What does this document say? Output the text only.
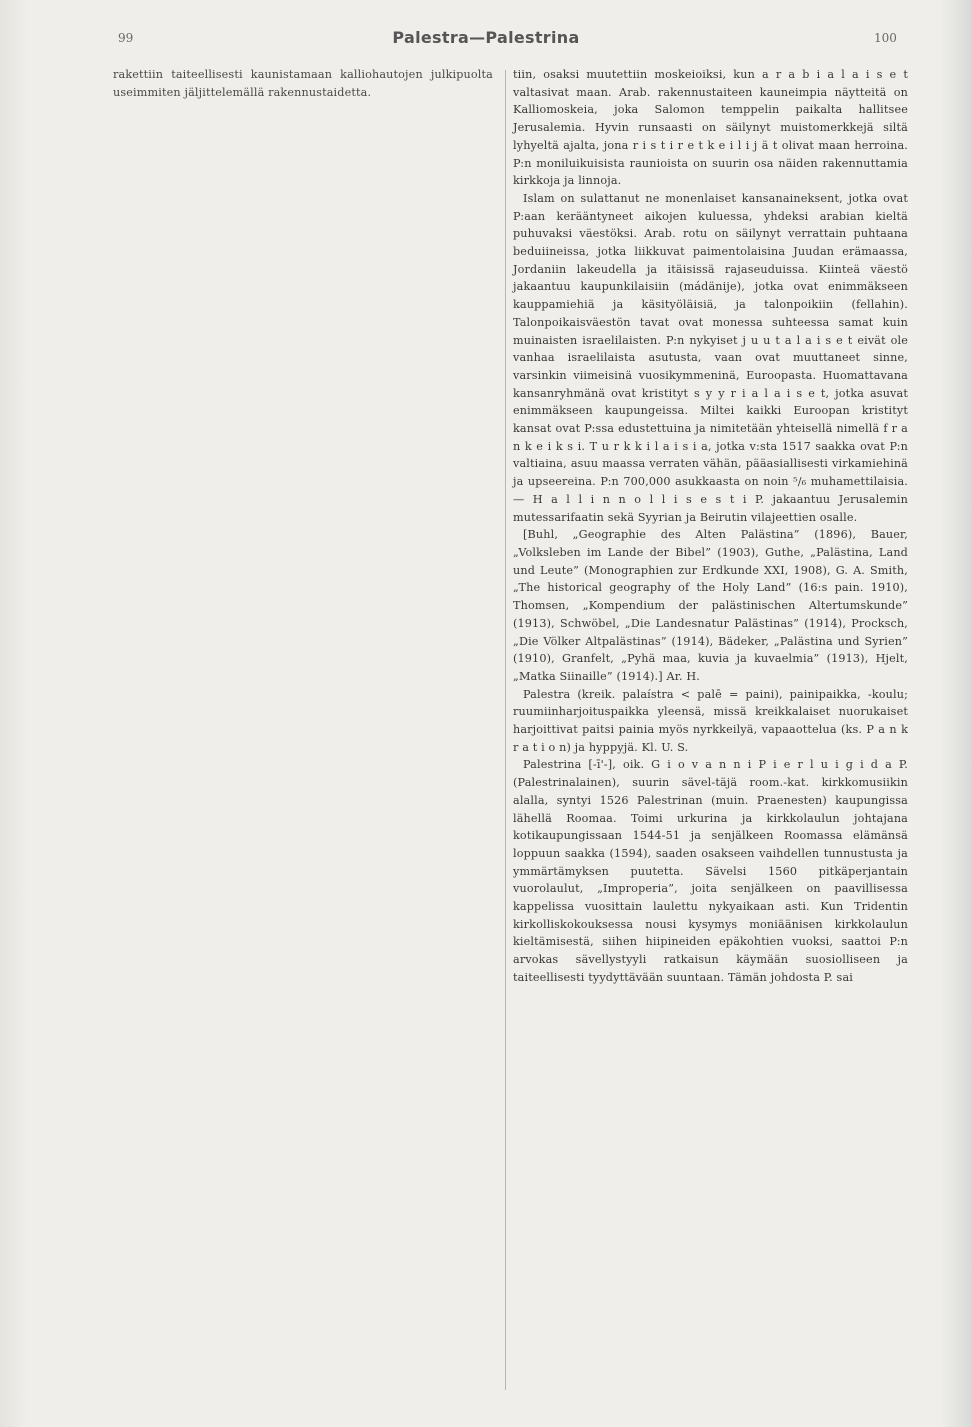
99	Palestra—Palestrina	100

rakettiin taiteellisesti kaunistamaan kalliohautojen julkipuolta useimmiten jäljittelemällä rakennustaidetta.

tiin, osaksi muutettiin moskeioiksi, kun a r a b i a l a i s e t valtasivat maan. Arab. rakennustaiteen kauneimpia näytteitä on Kalliomoskeia, joka Salomon temppelin paikalta hallitsee Jerusalemia. Hyvin runsaasti on säilynyt muistomerkkejä siltä lyhyeltä ajalta, jona r i s t i r e t k e i l i j ä t olivat maan herroina. P:n moniluikuisista raunioista on suurin osa näiden rakennuttamia kirkkoja ja linnoja.

Islam on sulattanut ne monenlaiset kansanaineksent, jotka ovat P:aan kerääntyneet aikojen kuluessa, yhdeksi arabian kieltä puhuvaksi väestöksi. Arab. rotu on säilynyt verrattain puhtaana beduiineissa, jotka liikkuvat paimentolaisina Juudan erämaassa, Jordaniin lakeudella ja itäisissä rajaseuduissa. Kiinteä väestö jakaantuu kaupunkilaisiin (mádänije), jotka ovat enimmäkseen kauppamiehiä ja käsityöläisiä, ja talonpoikiin (fellahin). Talonpoikaisväestön tavat ovat monessa suhteessa samat kuin muinaisten israelilaisten. P:n nykyiset j u u t a l a i s e t eivät ole vanhaa israelilaista asutusta, vaan ovat muuttaneet sinne, varsinkin viimeisinä vuosikymmeninä, Euroopasta. Huomattavana kansanryhmänä ovat kristityt s y y r i a l a i s e t, jotka asuvat enimmäkseen kaupungeissa. Miltei kaikki Euroopan kristityt kansat ovat P:ssa edustettuina ja nimitetään yhteisellä nimellä f r a n k e i k s i. T u r k k i l a i s i a, jotka v:sta 1517 saakka ovat P:n valtiaina, asuu maassa verraten vähän, pääasiallisesti virkamiehinä ja upseereina. P:n 700,000 asukkaasta on noin ⁵/₆ muhamettilaisia. — H a l l i n n o l l i s e s t i P. jakaantuu Jerusalemin mutessarifaatin sekä Syyrian ja Beirutin vilajeettien osalle.

[Buhl, „Geographie des Alten Palästina” (1896), Bauer, „Volksleben im Lande der Bibel” (1903), Guthe, „Palästina, Land und Leute” (Monographien zur Erdkunde XXI, 1908), G. A. Smith, „The historical geography of the Holy Land” (16:s pain. 1910), Thomsen, „Kompendium der palästinischen Altertumskunde” (1913), Schwöbel, „Die Landesnatur Palästinas” (1914), Procksch, „Die Völker Altpalästinas” (1914), Bädeker, „Palästina und Syrien” (1910), Granfelt, „Pyhä maa, kuvia ja kuvaelmia” (1913), Hjelt, „Matka Siinaille” (1914).] Ar. H.

Palestra (kreik. palaístra < palē = paini), painipaikka, -koulu; ruumiinharjoituspaikka yleensä, missä kreikkalaiset nuorukaiset harjoittivat paitsi painia myös nyrkkeilyä, vapaaottelua (ks. P a n k r a t i o n) ja hyppyjä. Kl. U. S.

Palestrina [-ī'-], oik. G i o v a n n i P i e r l u i g i d a P. (Palestrinalainen), suurin sävel-täjä room.-kat. kirkkomusiikin alalla, syntyi 1526 Palestrinan (muin. Praenesten) kaupungissa lähellä Roomaa. Toimi urkurina ja kirkkolaulun johtajana kotikaupungissaan 1544-51 ja senjälkeen Roomassa elämänsä loppuun saakka (1594), saaden osakseen vaihdellen tunnustusta ja ymmärtämyksen puutetta. Sävelsi 1560 pitkäperjantain vuorolaulut, „Improperia”, joita senjälkeen on paavillisessa kappelissa vuosittain laulettu nykyaikaan asti. Kun Tridentin kirkolliskokouksessa nousi kysymys moniäänisen kirkkolaulun kieltämisestä, siihen hiipineiden epäkohtien vuoksi, saattoi P:n arvokas sävellystyyli ratkaisun käymään suosiolliseen ja taiteellisesti tyydyttävään suuntaan. Tämän johdosta P. sai
